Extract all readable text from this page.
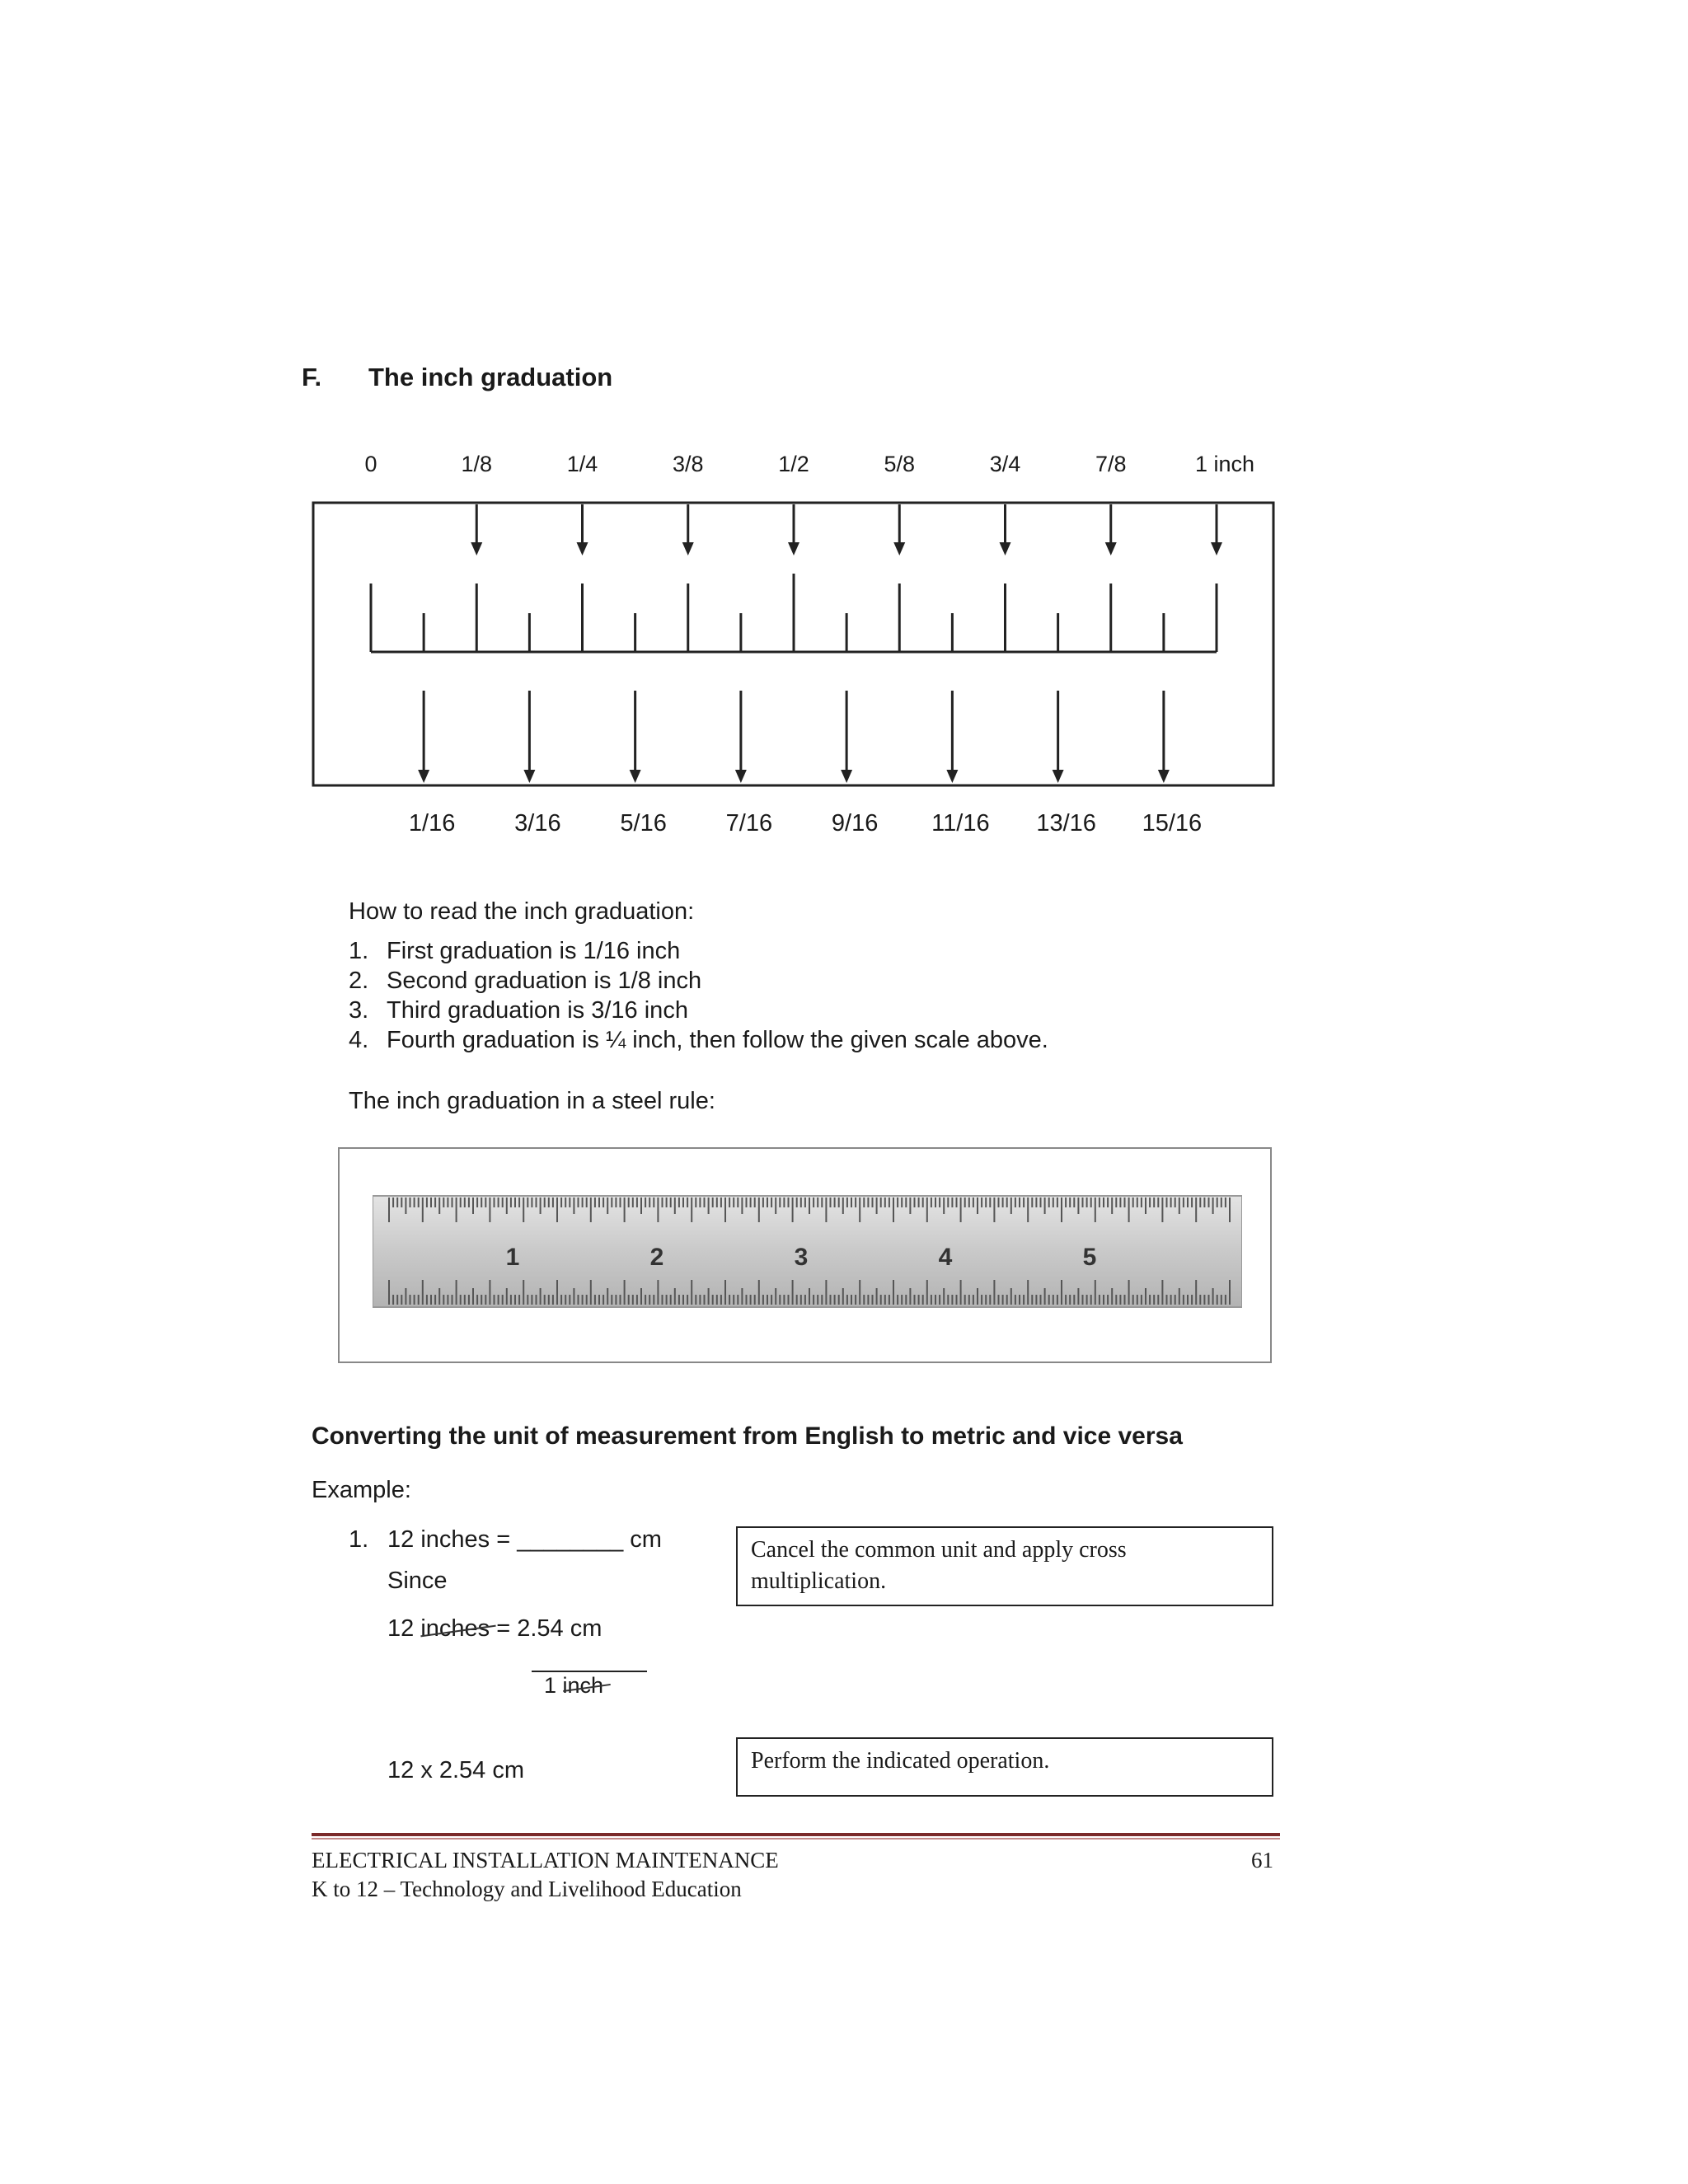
F. The inch graduation
0	1/8	1/4	3/8	1/2	5/8	3/4	7/8	1 inch
1/16 3/16 5/16 7/16 9/16 11/16 13/16 15/16
How to read the inch graduation:
1. First graduation is 1/16 inch
2. Second graduation is 1/8 inch
3. Third graduation is 3/16 inch
4. Fourth graduation is ¼ inch, then follow the given scale above.
The inch graduation in a steel rule:
1	2	3	4	5
Converting the unit of measurement from English to metric and vice versa
Example:
1. 12 inches = ________ cm
Since
12 inches = 2.54 cm
1 inch
12 x 2.54 cm
Cancel the common unit and apply cross multiplication.
Perform the indicated operation.
ELECTRICAL INSTALLATION MAINTENANCE
K to 12 – Technology and Livelihood Education
61
